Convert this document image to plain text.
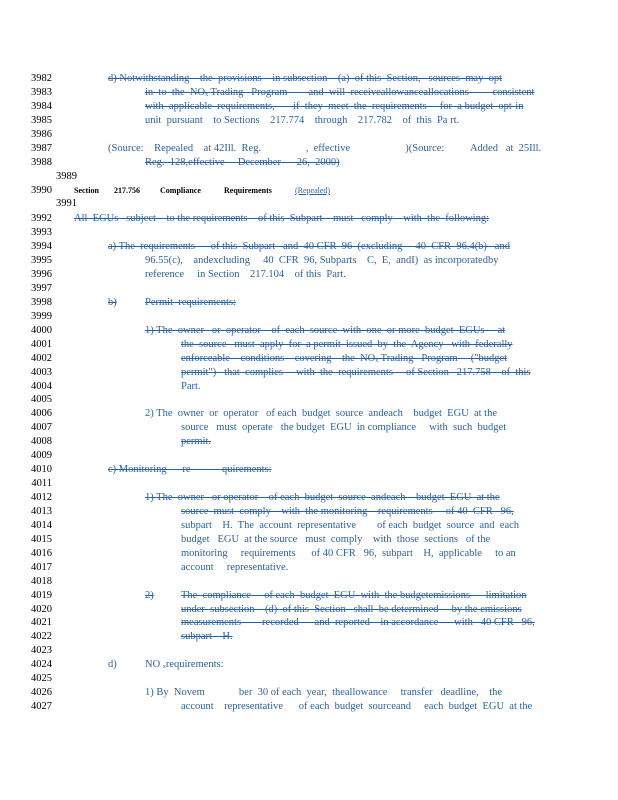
3982
3983
3984
3985
3986
3987
3988
3989
3990
3991
3992
3993
3994
3995
3996
3997
3998
3999
4000
4001
4002
4003
4004
4005
4006
4007
4008
4009
4010
4011
4012
4013
4014
4015
4016
4017
4018
4019
4020
4021
4022
4023
4024
4025
4026
4027
d) Notwithstanding    the  provisions    in subsection    (a)  of this  Section,   sources  may  opt
in  to  the  NOₓ Trading   Program        and  will  receiveallowanceallocations         consistent
with  applicable  requirements,       if  they  meet  the  requirements     for  a budget  opt-in
unit  pursuant    to Sections    217.774    through    217.782    of  this  Pa rt.
(Source:    Repealed    at 42Ill.  Reg.                 ,  effective                     )(Source:          Added   at  25Ill.
Reg.  128,effective     December      26,  2000)
Section 217.756	Compliance	Requirements	(Repealed)
All  EGUs   subject    to the requirements    of this  Subpart    must   comply    with  the  following:
a) The  requirements      of this  Subpart   and  40 CFR  96  (excluding     40  CFR  96.4(b)   and
96.55(c),    andexcluding     40  CFR  96, Subparts    C,  E,  andI)  as incorporatedby
reference     in Section    217.104    of this  Part.
b)	Permit  requirements:
1) The  owner   or  operator    of  each  source  with  one  or more  budget  EGUs     at
the  source   must  apply  for  a permit  issued  by  the  Agency   with  federally
enforceable    conditions    covering    the  NOₓ Trading   Program     ("budget
permit")   that  complies     with  the  requirements     of Section   217.758    of  this
Part.
2) The  owner  or  operator   of each  budget  source  andeach    budget  EGU  at the
source   must  operate   the budget  EGU  in compliance     with  such  budget
permit.
c) Monitoring      re            quirements:
1) The  owner   or operator    of each  budget  source  andeach    budget  EGU  at the
source  must  comply    with  the monitoring    requirements     of 40  CFR   96,
subpart    H.  The  account  representative        of each  budget  source  and  each
budget   EGU  at the source   must  comply    with  those  sections   of the
monitoring     requirements      of 40 CFR   96,  subpart    H,  applicable     to an
account     representative.
2)	The  compliance     of each  budget  EGU  with  the budgetemissions      limitation
under  subsection    (d)  of this  Section   shall  be determined     by the emissions
measurements        recorded      and  reported    in accordance      with   40 CFR   96,
subpart    H.
d)	NO ₓrequirements:
1) By  Novem             ber  30 of each  year,  theallowance     transfer   deadline,    the
account    representative      of each  budget  sourceand     each  budget  EGU  at the
